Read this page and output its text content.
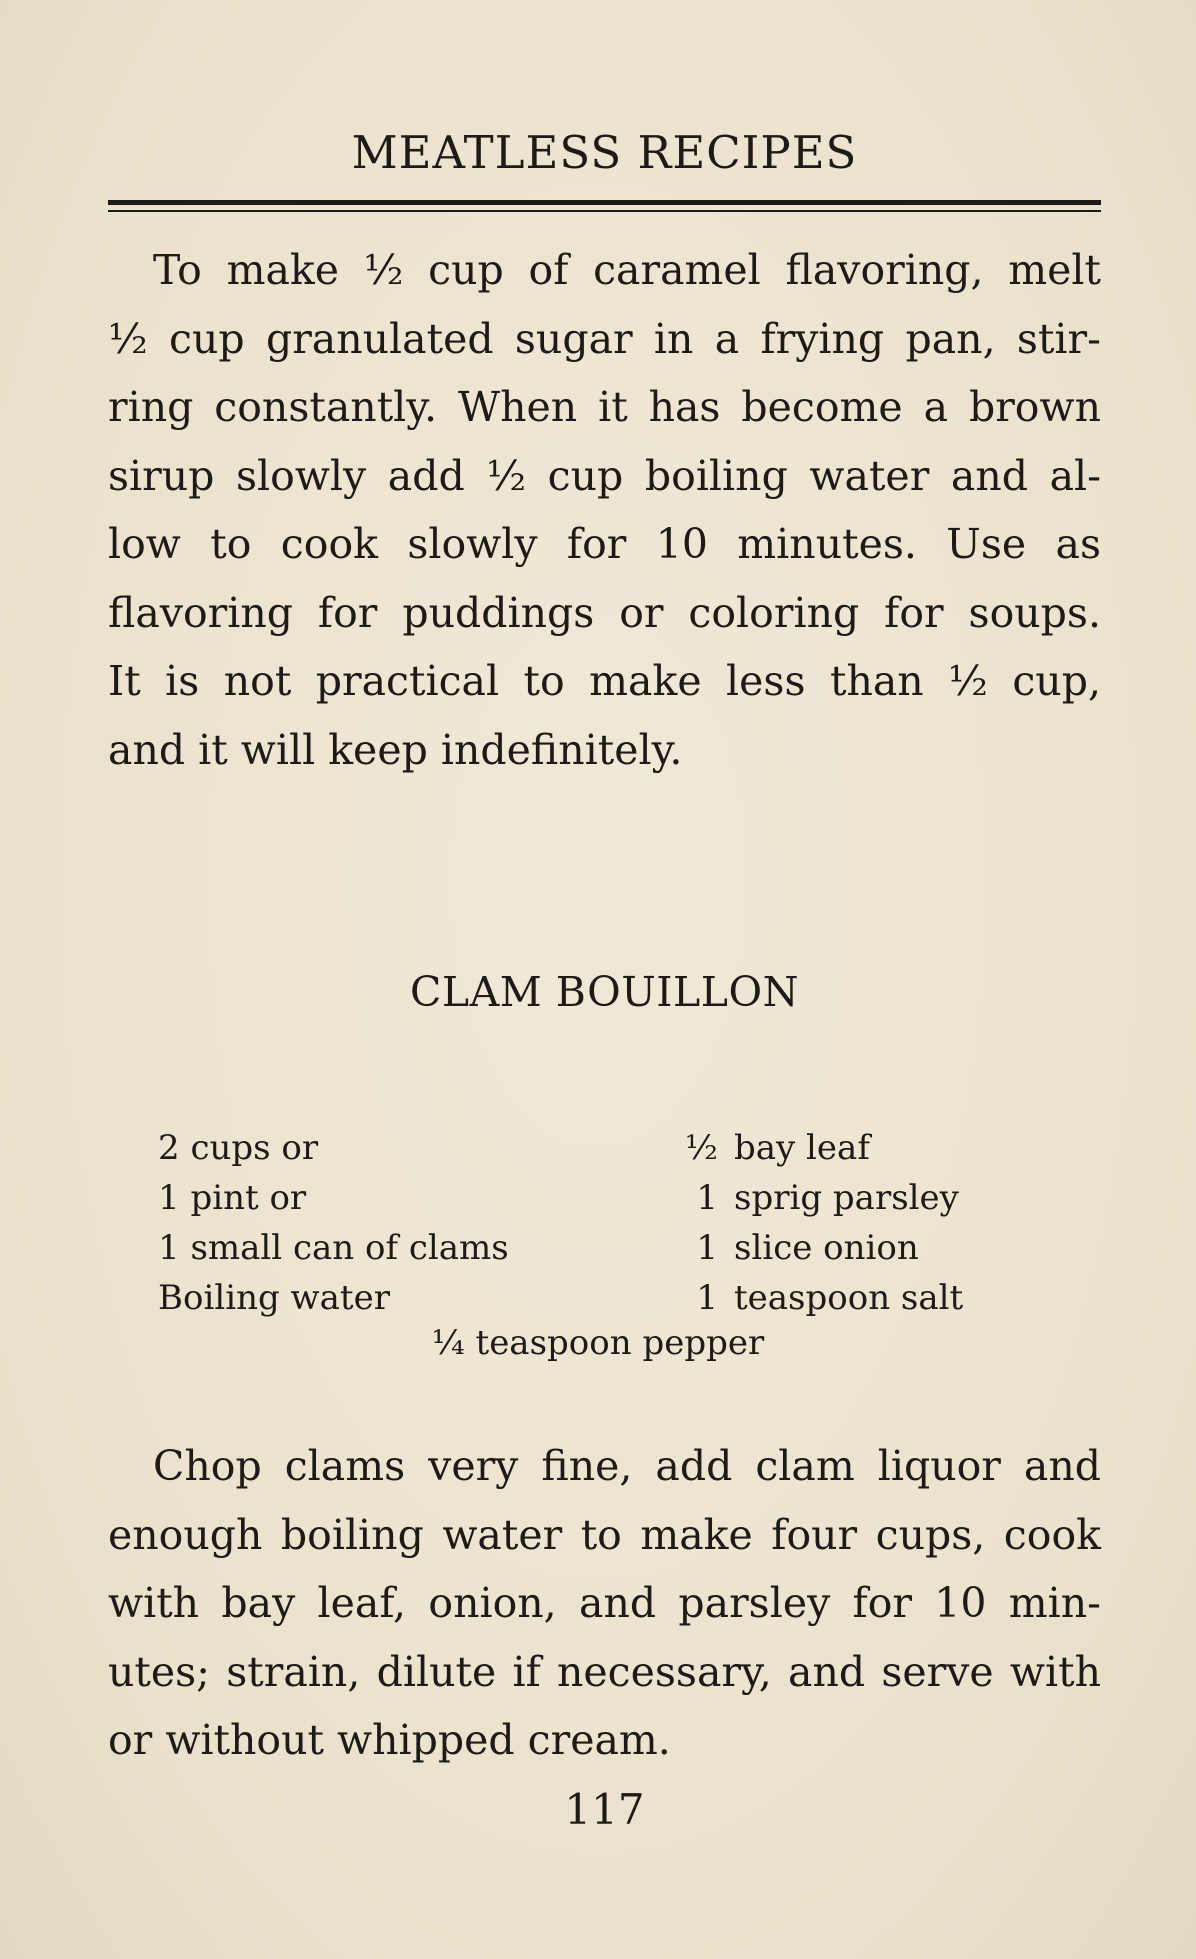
MEATLESS RECIPES
To make ½ cup of caramel flavoring, melt
½ cup granulated sugar in a frying pan, stir-
ring constantly. When it has become a brown
sirup slowly add ½ cup boiling water and al-
low to cook slowly for 10 minutes. Use as
flavoring for puddings or coloring for soups.
It is not practical to make less than ½ cup,
and it will keep indefinitely.
CLAM BOUILLON
2 cups or
1 pint or
1 small can of clams
Boiling water
½ bay leaf
1 sprig parsley
1 slice onion
1 teaspoon salt
¼ teaspoon pepper
Chop clams very fine, add clam liquor and
enough boiling water to make four cups, cook
with bay leaf, onion, and parsley for 10 min-
utes; strain, dilute if necessary, and serve with
or without whipped cream.
117
